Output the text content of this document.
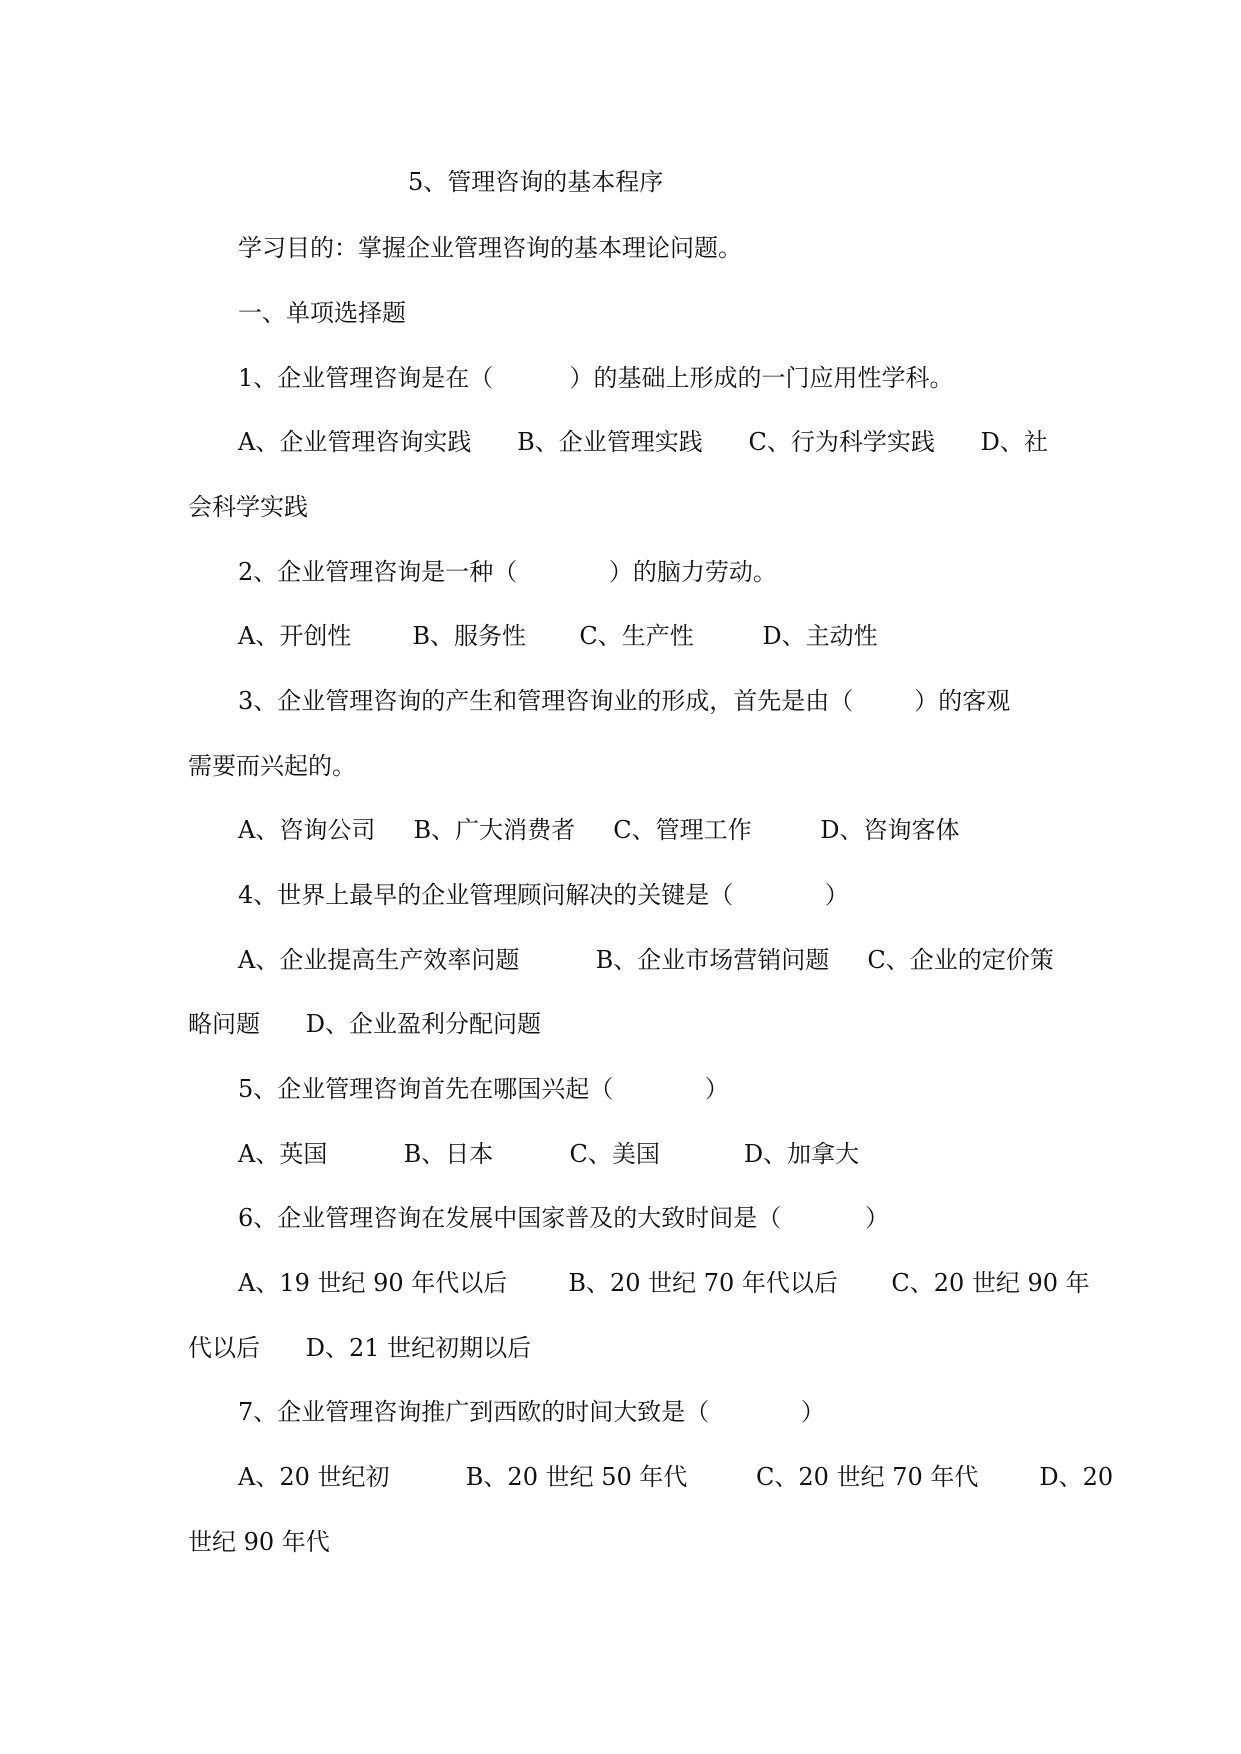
5、管理咨询的基本程序
学习目的：掌握企业管理咨询的基本理论问题。
一、单项选择题
1、企业管理咨询是在（          ）的基础上形成的一门应用性学科。
A、企业管理咨询实践      B、企业管理实践      C、行为科学实践      D、社
会科学实践
2、企业管理咨询是一种（            ）的脑力劳动。
A、开创性        B、服务性       C、生产性         D、主动性
3、企业管理咨询的产生和管理咨询业的形成，首先是由（        ）的客观
需要而兴起的。
A、咨询公司     B、广大消费者     C、管理工作         D、咨询客体
4、世界上最早的企业管理顾问解决的关键是（            ）
A、企业提高生产效率问题          B、企业市场营销问题     C、企业的定价策
略问题      D、企业盈利分配问题
5、企业管理咨询首先在哪国兴起（            ）
A、英国          B、日本          C、美国           D、加拿大
6、企业管理咨询在发展中国家普及的大致时间是（           ）
A、19 世纪 90 年代以后        B、20 世纪 70 年代以后       C、20 世纪 90 年
代以后      D、21 世纪初期以后
7、企业管理咨询推广到西欧的时间大致是（            ）
A、20 世纪初          B、20 世纪 50 年代         C、20 世纪 70 年代        D、20
世纪 90 年代
